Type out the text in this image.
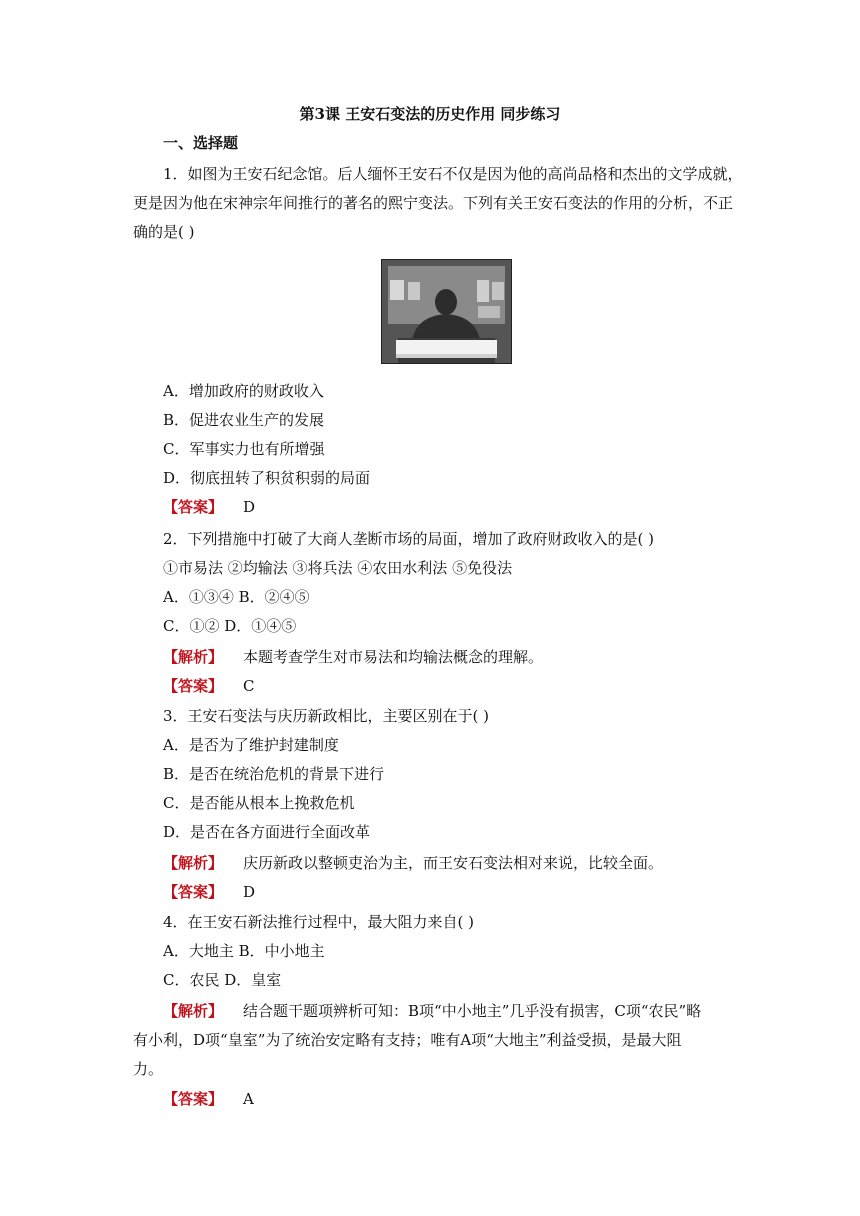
第3课 王安石变法的历史作用 同步练习
一、选择题
1．如图为王安石纪念馆。后人缅怀王安石不仅是因为他的高尚品格和杰出的文学成就，
更是因为他在宋神宗年间推行的著名的熙宁变法。下列有关王安石变法的作用的分析，不正
确的是( )
A．增加政府的财政收入
B．促进农业生产的发展
C．军事实力也有所增强
D．彻底扭转了积贫积弱的局面
【答案】 D
2．下列措施中打破了大商人垄断市场的局面，增加了政府财政收入的是( )
①市易法 ②均输法 ③将兵法 ④农田水利法 ⑤免役法
A．①③④ B．②④⑤
C．①② D．①④⑤
【解析】 本题考查学生对市易法和均输法概念的理解。
【答案】 C
3．王安石变法与庆历新政相比，主要区别在于( )
A．是否为了维护封建制度
B．是否在统治危机的背景下进行
C．是否能从根本上挽救危机
D．是否在各方面进行全面改革
【解析】 庆历新政以整顿吏治为主，而王安石变法相对来说，比较全面。
【答案】 D
4．在王安石新法推行过程中，最大阻力来自( )
A．大地主 B．中小地主
C．农民 D．皇室
【解析】 结合题干题项辨析可知：B项“中小地主”几乎没有损害，C项“农民”略
有小利，D项“皇室”为了统治安定略有支持；唯有A项“大地主”利益受损，是最大阻
力。
【答案】 A
